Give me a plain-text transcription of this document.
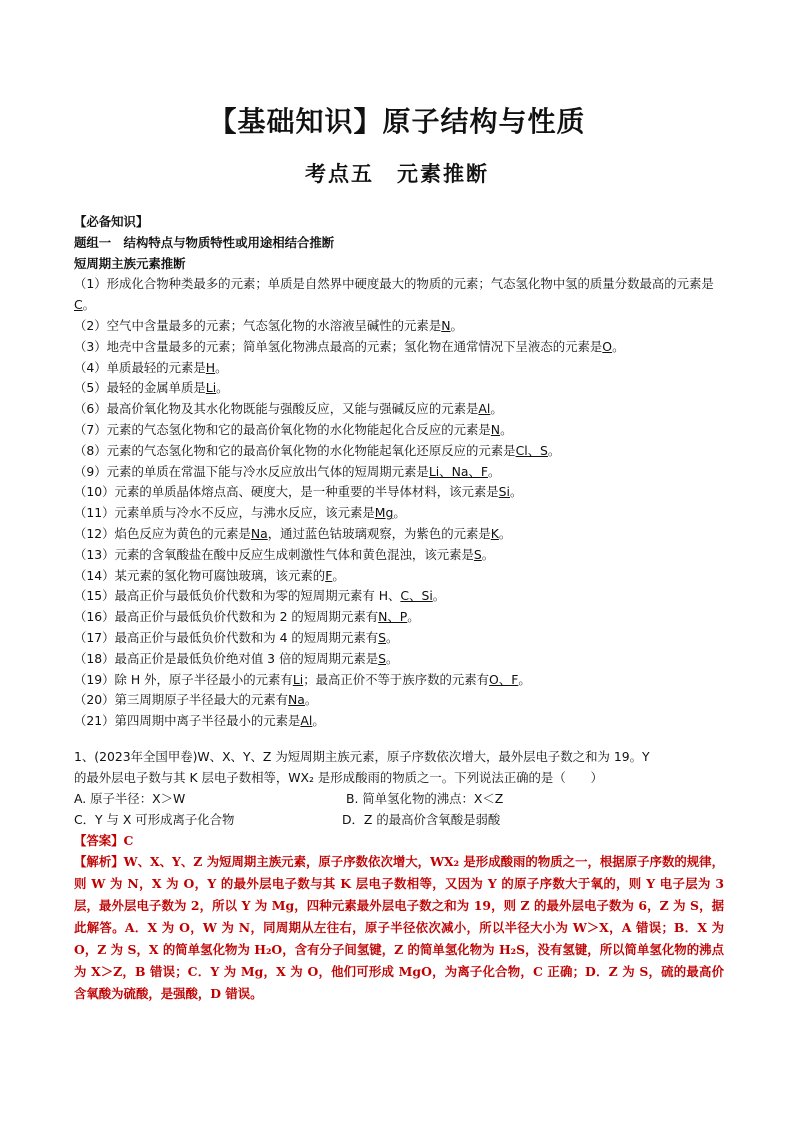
【基础知识】原子结构与性质
考点五　元素推断
【必备知识】
题组一　结构特点与物质特性或用途相结合推断
短周期主族元素推断
（1）形成化合物种类最多的元素；单质是自然界中硬度最大的物质的元素；气态氢化物中氢的质量分数最高的元素是C。
（2）空气中含量最多的元素；气态氢化物的水溶液呈碱性的元素是N。
（3）地壳中含量最多的元素；简单氢化物沸点最高的元素；氢化物在通常情况下呈液态的元素是O。
（4）单质最轻的元素是H。
（5）最轻的金属单质是Li。
（6）最高价氧化物及其水化物既能与强酸反应，又能与强碱反应的元素是Al。
（7）元素的气态氢化物和它的最高价氧化物的水化物能起化合反应的元素是N。
（8）元素的气态氢化物和它的最高价氧化物的水化物能起氧化还原反应的元素是Cl、S。
（9）元素的单质在常温下能与冷水反应放出气体的短周期元素是Li、Na、F。
（10）元素的单质晶体熔点高、硬度大，是一种重要的半导体材料，该元素是Si。
（11）元素单质与冷水不反应，与沸水反应，该元素是Mg。
（12）焰色反应为黄色的元素是Na，通过蓝色钴玻璃观察，为紫色的元素是K。
（13）元素的含氧酸盐在酸中反应生成刺激性气体和黄色混浊，该元素是S。
（14）某元素的氢化物可腐蚀玻璃，该元素的F。
（15）最高正价与最低负价代数和为零的短周期元素有 H、C、Si。
（16）最高正价与最低负价代数和为 2 的短周期元素有N、P。
（17）最高正价与最低负价代数和为 4 的短周期元素有S。
（18）最高正价是最低负价绝对值 3 倍的短周期元素是S。
（19）除 H 外，原子半径最小的元素有Li；最高正价不等于族序数的元素有O、F。
（20）第三周期原子半径最大的元素有Na。
（21）第四周期中离子半径最小的元素是Al。
1、(2023年全国甲卷)W、X、Y、Z 为短周期主族元素，原子序数依次增大，最外层电子数之和为 19。Y
的最外层电子数与其 K 层电子数相等，WX₂ 是形成酸雨的物质之一。下列说法正确的是（　　）
A. 原子半径：X＞W	B. 简单氢化物的沸点：X＜Z
C．Y 与 X 可形成离子化合物	D．Z 的最高价含氧酸是弱酸
【答案】C
【解析】W、X、Y、Z 为短周期主族元素，原子序数依次增大，WX₂ 是形成酸雨的物质之一，根据原子序数的规律，则 W 为 N，X 为 O，Y 的最外层电子数与其 K 层电子数相等，又因为 Y 的原子序数大于氧的，则 Y 电子层为 3 层，最外层电子数为 2，所以 Y 为 Mg，四种元素最外层电子数之和为 19，则 Z 的最外层电子数为 6，Z 为 S，据此解答。A．X 为 O，W 为 N，同周期从左往右，原子半径依次减小，所以半径大小为 W＞X，A 错误；B．X 为 O，Z 为 S，X 的简单氢化物为 H₂O，含有分子间氢键，Z 的简单氢化物为 H₂S，没有氢键，所以简单氢化物的沸点为 X＞Z，B 错误；C．Y 为 Mg，X 为 O，他们可形成 MgO，为离子化合物，C 正确；D．Z 为 S，硫的最高价含氧酸为硫酸，是强酸，D 错误。
